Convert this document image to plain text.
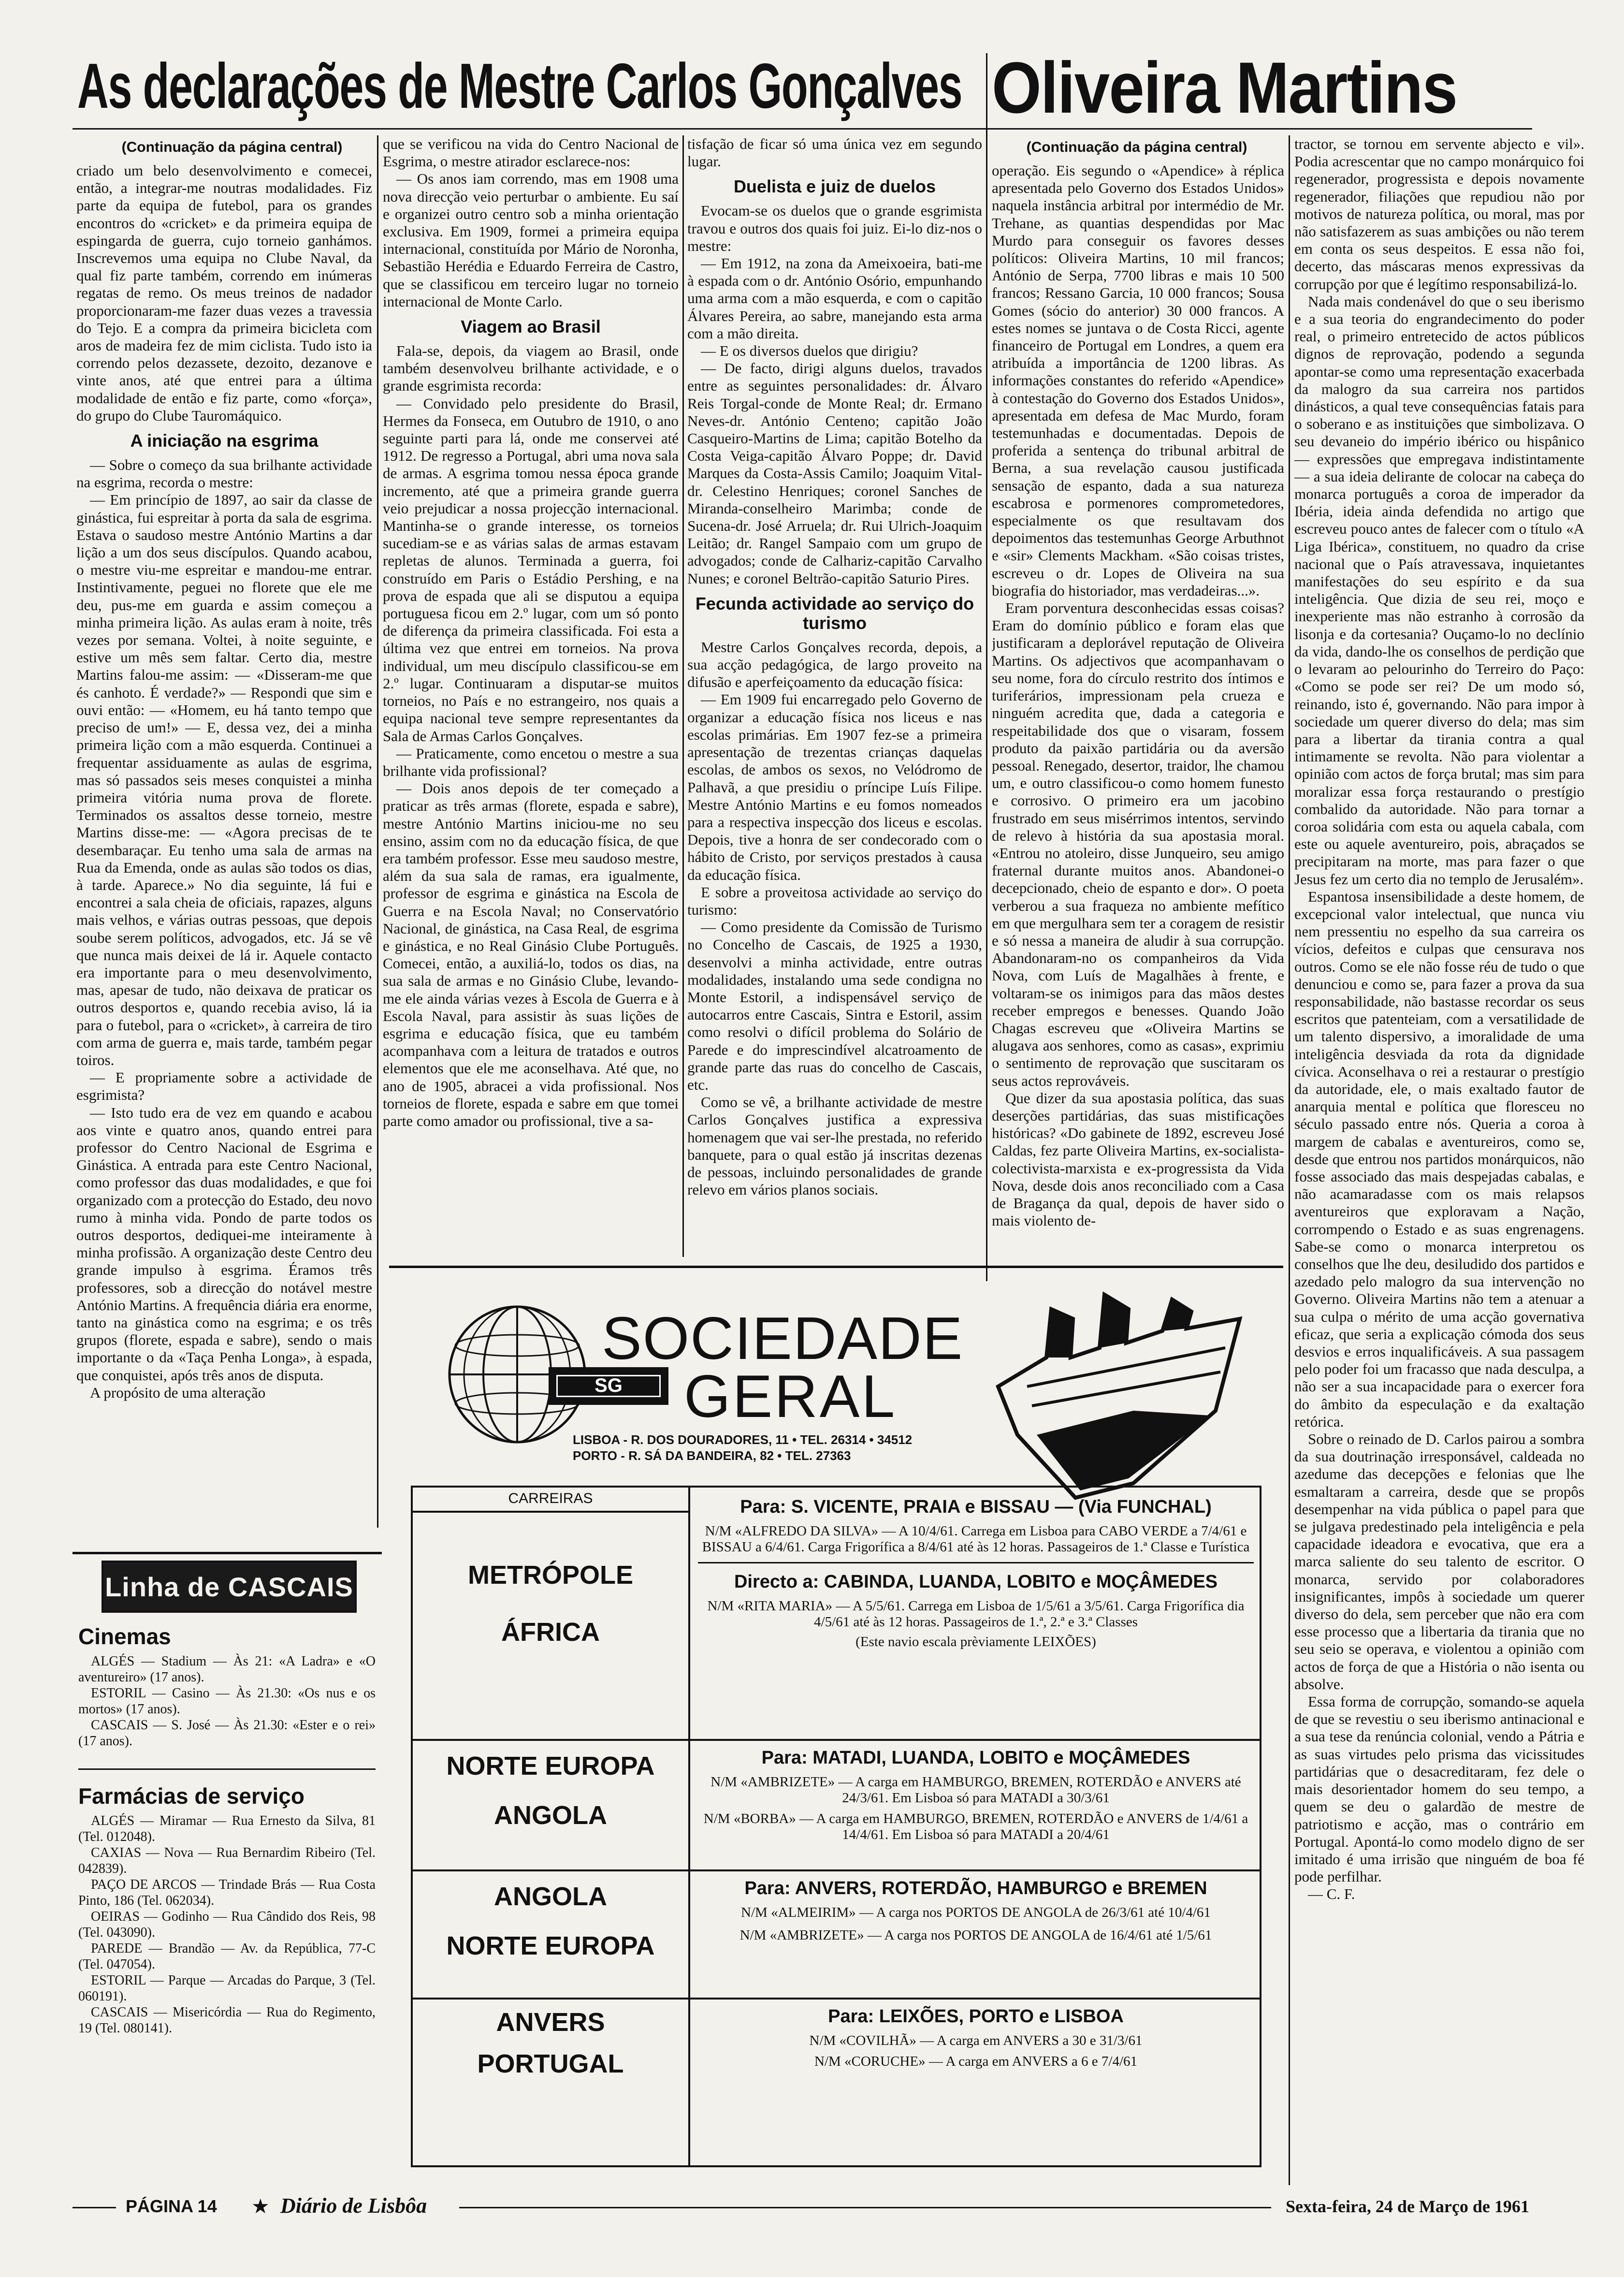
As declarações de Mestre Carlos Gonçalves Oliveira Martins
(Continuação da página central)

criado um belo desenvolvimento e comecei, então, a integrar-me noutras modalidades. Fiz parte da equipa de futebol, para os grandes encontros do «cricket» e da primeira equipa de espingarda de guerra, cujo torneio ganhámos. Inscrevemos uma equipa no Clube Naval, da qual fiz parte também, correndo em inúmeras regatas de remo. Os meus treinos de nadador proporcionaram-me fazer duas vezes a travessia do Tejo. E a compra da primeira bicicleta com aros de madeira fez de mim ciclista. Tudo isto ia correndo pelos dezassete, dezoito, dezanove e vinte anos, até que entrei para a última modalidade de então e fiz parte, como «força», do grupo do Clube Tauromáquico.

A iniciação na esgrima

— Sobre o começo da sua brilhante actividade na esgrima, recorda o mestre:

— Em princípio de 1897, ao sair da classe de ginástica, fui espreitar à porta da sala de esgrima. Estava o saudoso mestre António Martins a dar lição a um dos seus discípulos. Quando acabou, o mestre viu-me espreitar e mandou-me entrar. Instintivamente, peguei no florete que ele me deu, pus-me em guarda e assim começou a minha primeira lição. As aulas eram à noite, três vezes por semana. Voltei, à noite seguinte, e estive um mês sem faltar. Certo dia, mestre Martins falou-me assim: — «Disseram-me que és canhoto. É verdade?» — Respondi que sim e ouvi então: — «Homem, eu há tanto tempo que preciso de um!» — E, dessa vez, dei a minha primeira lição com a mão esquerda. Continuei a frequentar assiduamente as aulas de esgrima, mas só passados seis meses conquistei a minha primeira vitória numa prova de florete. Terminados os assaltos desse torneio, mestre Martins disse-me: — «Agora precisas de te desembaraçar. Eu tenho uma sala de armas na Rua da Emenda, onde as aulas são todos os dias, à tarde. Aparece.» No dia seguinte, lá fui e encontrei a sala cheia de oficiais, rapazes, alguns mais velhos, e várias outras pessoas, que depois soube serem políticos, advogados, etc. Já se vê que nunca mais deixei de lá ir. Aquele contacto era importante para o meu desenvolvimento, mas, apesar de tudo, não deixava de praticar os outros desportos e, quando recebia aviso, lá ia para o futebol, para o «cricket», à carreira de tiro com arma de guerra e, mais tarde, também pegar toiros.

— E propriamente sobre a actividade de esgrimista?

— Isto tudo era de vez em quando e acabou aos vinte e quatro anos, quando entrei para professor do Centro Nacional de Esgrima e Ginástica. A entrada para este Centro Nacional, como professor das duas modalidades, e que foi organizado com a protecção do Estado, deu novo rumo à minha vida. Pondo de parte todos os outros desportos, dediquei-me inteiramente à minha profissão. A organização deste Centro deu grande impulso à esgrima. Éramos três professores, sob a direcção do notável mestre António Martins. A frequência diária era enorme, tanto na ginástica como na esgrima; e os três grupos (florete, espada e sabre), sendo o mais importante o da «Taça Penha Longa», à espada, que conquistei, após três anos de disputa.

A propósito de uma alteração

que se verificou na vida do Centro Nacional de Esgrima, o mestre atirador esclarece-nos:

— Os anos iam correndo, mas em 1908 uma nova direcção veio perturbar o ambiente. Eu saí e organizei outro centro sob a minha orientação exclusiva. Em 1909, formei a primeira equipa internacional, constituída por Mário de Noronha, Sebastião Herédia e Eduardo Ferreira de Castro, que se classificou em terceiro lugar no torneio internacional de Monte Carlo.

Viagem ao Brasil

Fala-se, depois, da viagem ao Brasil, onde também desenvolveu brilhante actividade, e o grande esgrimista recorda:

— Convidado pelo presidente do Brasil, Hermes da Fonseca, em Outubro de 1910, o ano seguinte parti para lá, onde me conservei até 1912. De regresso a Portugal, abri uma nova sala de armas. A esgrima tomou nessa época grande incremento, até que a primeira grande guerra veio prejudicar a nossa projecção internacional. Mantinha-se o grande interesse, os torneios sucediam-se e as várias salas de armas estavam repletas de alunos. Terminada a guerra, foi construído em Paris o Estádio Pershing, e na prova de espada que ali se disputou a equipa portuguesa ficou em 2.º lugar, com um só ponto de diferença da primeira classificada. Foi esta a última vez que entrei em torneios. Na prova individual, um meu discípulo classificou-se em 2.º lugar. Continuaram a disputar-se muitos torneios, no País e no estrangeiro, nos quais a equipa nacional teve sempre representantes da Sala de Armas Carlos Gonçalves.

— Praticamente, como encetou o mestre a sua brilhante vida profissional?

— Dois anos depois de ter começado a praticar as três armas (florete, espada e sabre), mestre António Martins iniciou-me no seu ensino, assim com no da educação física, de que era também professor. Esse meu saudoso mestre, além da sua sala de ramas, era igualmente, professor de esgrima e ginástica na Escola de Guerra e na Escola Naval; no Conservatório Nacional, de ginástica, na Casa Real, de esgrima e ginástica, e no Real Ginásio Clube Português. Comecei, então, a auxiliá-lo, todos os dias, na sua sala de armas e no Ginásio Clube, levando-me ele ainda várias vezes à Escola de Guerra e à Escola Naval, para assistir às suas lições de esgrima e educação física, que eu também acompanhava com a leitura de tratados e outros elementos que ele me aconselhava. Até que, no ano de 1905, abracei a vida profissional. Nos torneios de florete, espada e sabre em que tomei parte como amador ou profissional, tive a sa-

tisfação de ficar só uma única vez em segundo lugar.

Duelista e juiz de duelos

Evocam-se os duelos que o grande esgrimista travou e outros dos quais foi juiz. Ei-lo diz-nos o mestre:

— Em 1912, na zona da Ameixoeira, bati-me à espada com o dr. António Osório, empunhando uma arma com a mão esquerda, e com o capitão Álvares Pereira, ao sabre, manejando esta arma com a mão direita.

— E os diversos duelos que dirigiu?

— De facto, dirigi alguns duelos, travados entre as seguintes personalidades: dr. Álvaro Reis Torgal-conde de Monte Real; dr. Ermano Neves-dr. António Centeno; capitão João Casqueiro-Martins de Lima; capitão Botelho da Costa Veiga-capitão Álvaro Poppe; dr. David Marques da Costa-Assis Camilo; Joaquim Vital-dr. Celestino Henriques; coronel Sanches de Miranda-conselheiro Marimba; conde de Sucena-dr. José Arruela; dr. Rui Ulrich-Joaquim Leitão; dr. Rangel Sampaio com um grupo de advogados; conde de Calhariz-capitão Carvalho Nunes; e coronel Beltrão-capitão Saturio Pires.

Fecunda actividade ao serviço do turismo

Mestre Carlos Gonçalves recorda, depois, a sua acção pedagógica, de largo proveito na difusão e aperfeiçoamento da educação física:

— Em 1909 fui encarregado pelo Governo de organizar a educação física nos liceus e nas escolas primárias. Em 1907 fez-se a primeira apresentação de trezentas crianças daquelas escolas, de ambos os sexos, no Velódromo de Palhavã, a que presidiu o príncipe Luís Filipe. Mestre António Martins e eu fomos nomeados para a respectiva inspecção dos liceus e escolas. Depois, tive a honra de ser condecorado com o hábito de Cristo, por serviços prestados à causa da educação física.

E sobre a proveitosa actividade ao serviço do turismo:

— Como presidente da Comissão de Turismo no Concelho de Cascais, de 1925 a 1930, desenvolvi a minha actividade, entre outras modalidades, instalando uma sede condigna no Monte Estoril, a indispensável serviço de autocarros entre Cascais, Sintra e Estoril, assim como resolvi o difícil problema do Solário de Parede e do imprescindível alcatroamento de grande parte das ruas do concelho de Cascais, etc.

Como se vê, a brilhante actividade de mestre Carlos Gonçalves justifica a expressiva homenagem que vai ser-lhe prestada, no referido banquete, para o qual estão já inscritas dezenas de pessoas, incluindo personalidades de grande relevo em vários planos sociais.

(Continuação da página central)

operação. Eis segundo o «Apendice» à réplica apresentada pelo Governo dos Estados Unidos» naquela instância arbitral por intermédio de Mr. Trehane, as quantias despendidas por Mac Murdo para conseguir os favores desses políticos: Oliveira Martins, 10 mil francos; António de Serpa, 7700 libras e mais 10 500 francos; Ressano Garcia, 10 000 francos; Sousa Gomes (sócio do anterior) 30 000 francos. A estes nomes se juntava o de Costa Ricci, agente financeiro de Portugal em Londres, a quem era atribuída a importância de 1200 libras. As informações constantes do referido «Apendice» à contestação do Governo dos Estados Unidos», apresentada em defesa de Mac Murdo, foram testemunhadas e documentadas. Depois de proferida a sentença do tribunal arbitral de Berna, a sua revelação causou justificada sensação de espanto, dada a sua natureza escabrosa e pormenores comprometedores, especialmente os que resultavam dos depoimentos das testemunhas George Arbuthnot e «sir» Clements Mackham. «São coisas tristes, escreveu o dr. Lopes de Oliveira na sua biografia do historiador, mas verdadeiras...».

Eram porventura desconhecidas essas coisas? Eram do domínio público e foram elas que justificaram a deplorável reputação de Oliveira Martins. Os adjectivos que acompanhavam o seu nome, fora do círculo restrito dos íntimos e turiferários, impressionam pela crueza e ninguém acredita que, dada a categoria e respeitabilidade dos que o visaram, fossem produto da paixão partidária ou da aversão pessoal. Renegado, desertor, traidor, lhe chamou um, e outro classificou-o como homem funesto e corrosivo. O primeiro era um jacobino frustrado em seus misérrimos intentos, servindo de relevo à história da sua apostasia moral. «Entrou no atoleiro, disse Junqueiro, seu amigo fraternal durante muitos anos. Abandonei-o decepcionado, cheio de espanto e dor». O poeta verberou a sua fraqueza no ambiente mefítico em que mergulhara sem ter a coragem de resistir e só nessa a maneira de aludir à sua corrupção. Abandonaram-no os companheiros da Vida Nova, com Luís de Magalhães à frente, e voltaram-se os inimigos para das mãos destes receber empregos e benesses. Quando João Chagas escreveu que «Oliveira Martins se alugava aos senhores, como as casas», exprimiu o sentimento de reprovação que suscitaram os seus actos reprováveis.

Que dizer da sua apostasia política, das suas deserções partidárias, das suas mistificações históricas? «Do gabinete de 1892, escreveu José Caldas, fez parte Oliveira Martins, ex-socialista-colectivista-marxista e ex-progressista da Vida Nova, desde dois anos reconciliado com a Casa de Bragança da qual, depois de haver sido o mais violento de-

tractor, se tornou em servente abjecto e vil». Podia acrescentar que no campo monárquico foi regenerador, progressista e depois novamente regenerador, filiações que repudiou não por motivos de natureza política, ou moral, mas por não satisfazerem as suas ambições ou não terem em conta os seus despeitos. E essa não foi, decerto, das máscaras menos expressivas da corrupção por que é legítimo responsabilizá-lo.

Nada mais condenável do que o seu iberismo e a sua teoria do engrandecimento do poder real, o primeiro entretecido de actos públicos dignos de reprovação, podendo a segunda apontar-se como uma representação exacerbada da malogro da sua carreira nos partidos dinásticos, a qual teve consequências fatais para o soberano e as instituições que simbolizava. O seu devaneio do império ibérico ou hispânico — expressões que empregava indistintamente — a sua ideia delirante de colocar na cabeça do monarca português a coroa de imperador da Ibéria, ideia ainda defendida no artigo que escreveu pouco antes de falecer com o título «A Liga Ibérica», constituem, no quadro da crise nacional que o País atravessava, inquietantes manifestações do seu espírito e da sua inteligência. Que dizia de seu rei, moço e inexperiente mas não estranho à corrosão da lisonja e da cortesania? Ouçamo-lo no declínio da vida, dando-lhe os conselhos de perdição que o levaram ao pelourinho do Terreiro do Paço: «Como se pode ser rei? De um modo só, reinando, isto é, governando. Não para impor à sociedade um querer diverso do dela; mas sim para a libertar da tirania contra a qual intimamente se revolta. Não para violentar a opinião com actos de força brutal; mas sim para moralizar essa força restaurando o prestígio combalido da autoridade. Não para tornar a coroa solidária com esta ou aquela cabala, com este ou aquele aventureiro, pois, abraçados se precipitaram na morte, mas para fazer o que Jesus fez um certo dia no templo de Jerusalém».

Espantosa insensibilidade a deste homem, de excepcional valor intelectual, que nunca viu nem pressentiu no espelho da sua carreira os vícios, defeitos e culpas que censurava nos outros. Como se ele não fosse réu de tudo o que denunciou e como se, para fazer a prova da sua responsabilidade, não bastasse recordar os seus escritos que patenteiam, com a versatilidade de um talento dispersivo, a imoralidade de uma inteligência desviada da rota da dignidade cívica. Aconselhava o rei a restaurar o prestígio da autoridade, ele, o mais exaltado fautor de anarquia mental e política que floresceu no século passado entre nós. Queria a coroa à margem de cabalas e aventureiros, como se, desde que entrou nos partidos monárquicos, não fosse associado das mais despejadas cabalas, e não acamaradasse com os mais relapsos aventureiros que exploravam a Nação, corrompendo o Estado e as suas engrenagens. Sabe-se como o monarca interpretou os conselhos que lhe deu, desiludido dos partidos e azedado pelo malogro da sua intervenção no Governo. Oliveira Martins não tem a atenuar a sua culpa o mérito de uma acção governativa eficaz, que seria a explicação cómoda dos seus desvios e erros inqualificáveis. A sua passagem pelo poder foi um fracasso que nada desculpa, a não ser a sua incapacidade para o exercer fora do âmbito da especulação e da exaltação retórica.

Sobre o reinado de D. Carlos pairou a sombra da sua doutrinação irresponsável, caldeada no azedume das decepções e felonias que lhe esmaltaram a carreira, desde que se propôs desempenhar na vida pública o papel para que se julgava predestinado pela inteligência e pela capacidade ideadora e evocativa, que era a marca saliente do seu talento de escritor. O monarca, servido por colaboradores insignificantes, impôs à sociedade um querer diverso do dela, sem perceber que não era com esse processo que a libertaria da tirania que no seu seio se operava, e violentou a opinião com actos de força de que a História o não isenta ou absolve.

Essa forma de corrupção, somando-se aquela de que se revestiu o seu iberismo antinacional e a sua tese da renúncia colonial, vendo a Pátria e as suas virtudes pelo prisma das vicissitudes partidárias que o desacreditaram, fez dele o mais desorientador homem do seu tempo, a quem se deu o galardão de mestre de patriotismo e acção, mas o contrário em Portugal. Apontá-lo como modelo digno de ser imitado é uma irrisão que ninguém de boa fé pode perfilhar.

— C. F.

SG
SOCIEDADE
GERAL
LISBOA - R. DOS DOURADORES, 11 • TEL. 26314 • 34512
PORTO - R. SÁ DA BANDEIRA, 82 • TEL. 27363
CARREIRAS
METRÓPOLE
ÁFRICA
Para: S. VICENTE, PRAIA e BISSAU — (Via FUNCHAL)
N/M «ALFREDO DA SILVA» — A 10/4/61. Carrega em Lisboa para CABO VERDE a 7/4/61 e BISSAU a 6/4/61. Carga Frigorífica a 8/4/61 até às 12 horas. Passageiros de 1.ª Classe e Turística
Directo a: CABINDA, LUANDA, LOBITO e MOÇÂMEDES
N/M «RITA MARIA» — A 5/5/61. Carrega em Lisboa de 1/5/61 a 3/5/61. Carga Frigorífica dia 4/5/61 até às 12 horas. Passageiros de 1.ª, 2.ª e 3.ª Classes
(Este navio escala prèviamente LEIXÕES)
NORTE EUROPA
ANGOLA
Para: MATADI, LUANDA, LOBITO e MOÇÂMEDES
N/M «AMBRIZETE» — A carga em HAMBURGO, BREMEN, ROTERDÃO e ANVERS até 24/3/61. Em Lisboa só para MATADI a 30/3/61
N/M «BORBA» — A carga em HAMBURGO, BREMEN, ROTERDÃO e ANVERS de 1/4/61 a 14/4/61. Em Lisboa só para MATADI a 20/4/61
ANGOLA
NORTE EUROPA
Para: ANVERS, ROTERDÃO, HAMBURGO e BREMEN
N/M «ALMEIRIM» — A carga nos PORTOS DE ANGOLA de 26/3/61 até 10/4/61
N/M «AMBRIZETE» — A carga nos PORTOS DE ANGOLA de 16/4/61 até 1/5/61
ANVERS
PORTUGAL
Para: LEIXÕES, PORTO e LISBOA
N/M «COVILHÃ» — A carga em ANVERS a 30 e 31/3/61
N/M «CORUCHE» — A carga em ANVERS a 6 e 7/4/61
Linha de CASCAIS
Cinemas

ALGÉS — Stadium — Às 21: «A Ladra» e «O aventureiro» (17 anos).

ESTORIL — Casino — Às 21.30: «Os nus e os mortos» (17 anos).

CASCAIS — S. José — Às 21.30: «Ester e o rei» (17 anos).

Farmácias de serviço

ALGÉS — Miramar — Rua Ernesto da Silva, 81 (Tel. 012048).

CAXIAS — Nova — Rua Bernardim Ribeiro (Tel. 042839).

PAÇO DE ARCOS — Trindade Brás — Rua Costa Pinto, 186 (Tel. 062034).

OEIRAS — Godinho — Rua Cândido dos Reis, 98 (Tel. 043090).

PAREDE — Brandão — Av. da República, 77-C (Tel. 047054).

ESTORIL — Parque — Arcadas do Parque, 3 (Tel. 060191).

CASCAIS — Misericórdia — Rua do Regimento, 19 (Tel. 080141).

PÁGINA 14 ★ Diário de Lisbôa	Sexta-feira, 24 de Março de 1961
